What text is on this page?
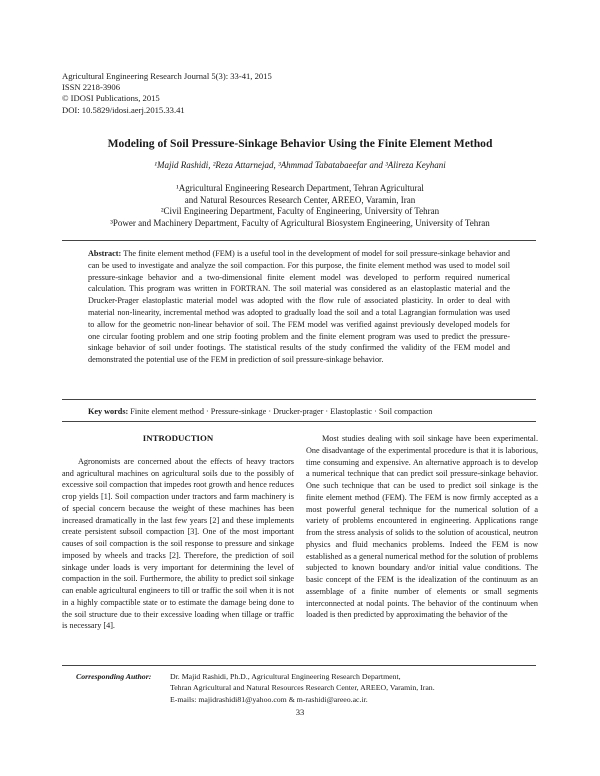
Agricultural Engineering Research Journal 5(3): 33-41, 2015
ISSN 2218-3906
© IDOSI Publications, 2015
DOI: 10.5829/idosi.aerj.2015.33.41
Modeling of Soil Pressure-Sinkage Behavior Using the Finite Element Method
¹Majid Rashidi, ²Reza Attarnejad, ³Ahmmad Tabatabaeefar and ³Alireza Keyhani
¹Agricultural Engineering Research Department, Tehran Agricultural
and Natural Resources Research Center, AREEO, Varamin, Iran
²Civil Engineering Department, Faculty of Engineering, University of Tehran
³Power and Machinery Department, Faculty of Agricultural Biosystem Engineering, University of Tehran
Abstract: The finite element method (FEM) is a useful tool in the development of model for soil pressure-sinkage behavior and can be used to investigate and analyze the soil compaction. For this purpose, the finite element method was used to model soil pressure-sinkage behavior and a two-dimensional finite element model was developed to perform required numerical calculation. This program was written in FORTRAN. The soil material was considered as an elastoplastic material and the Drucker-Prager elastoplastic material model was adopted with the flow rule of associated plasticity. In order to deal with material non-linearity, incremental method was adopted to gradually load the soil and a total Lagrangian formulation was used to allow for the geometric non-linear behavior of soil. The FEM model was verified against previously developed models for one circular footing problem and one strip footing problem and the finite element program was used to predict the pressure-sinkage behavior of soil under footings. The statistical results of the study confirmed the validity of the FEM model and demonstrated the potential use of the FEM in prediction of soil pressure-sinkage behavior.
Key words: Finite element method · Pressure-sinkage · Drucker-prager · Elastoplastic · Soil compaction
INTRODUCTION

Agronomists are concerned about the effects of heavy tractors and agricultural machines on agricultural soils due to the possibly of excessive soil compaction that impedes root growth and hence reduces crop yields [1]. Soil compaction under tractors and farm machinery is of special concern because the weight of these machines has been increased dramatically in the last few years [2] and these implements create persistent subsoil compaction [3]. One of the most important causes of soil compaction is the soil response to pressure and sinkage imposed by wheels and tracks [2]. Therefore, the prediction of soil sinkage under loads is very important for determining the level of compaction in the soil. Furthermore, the ability to predict soil sinkage can enable agricultural engineers to till or traffic the soil when it is not in a highly compactible state or to estimate the damage being done to the soil structure due to their excessive loading when tillage or traffic is necessary [4].

Most studies dealing with soil sinkage have been experimental. One disadvantage of the experimental procedure is that it is laborious, time consuming and expensive. An alternative approach is to develop a numerical technique that can predict soil pressure-sinkage behavior. One such technique that can be used to predict soil sinkage is the finite element method (FEM). The FEM is now firmly accepted as a most powerful general technique for the numerical solution of a variety of problems encountered in engineering. Applications range from the stress analysis of solids to the solution of acoustical, neutron physics and fluid mechanics problems. Indeed the FEM is now established as a general numerical method for the solution of problems subjected to known boundary and/or initial value conditions. The basic concept of the FEM is the idealization of the continuum as an assemblage of a finite number of elements or small segments interconnected at nodal points. The behavior of the continuum when loaded is then predicted by approximating the behavior of the

Corresponding Author: Dr. Majid Rashidi, Ph.D., Agricultural Engineering Research Department,
Tehran Agricultural and Natural Resources Research Center, AREEO, Varamin, Iran.
E-mails: majidrashidi81@yahoo.com & m-rashidi@areeo.ac.ir.
33
